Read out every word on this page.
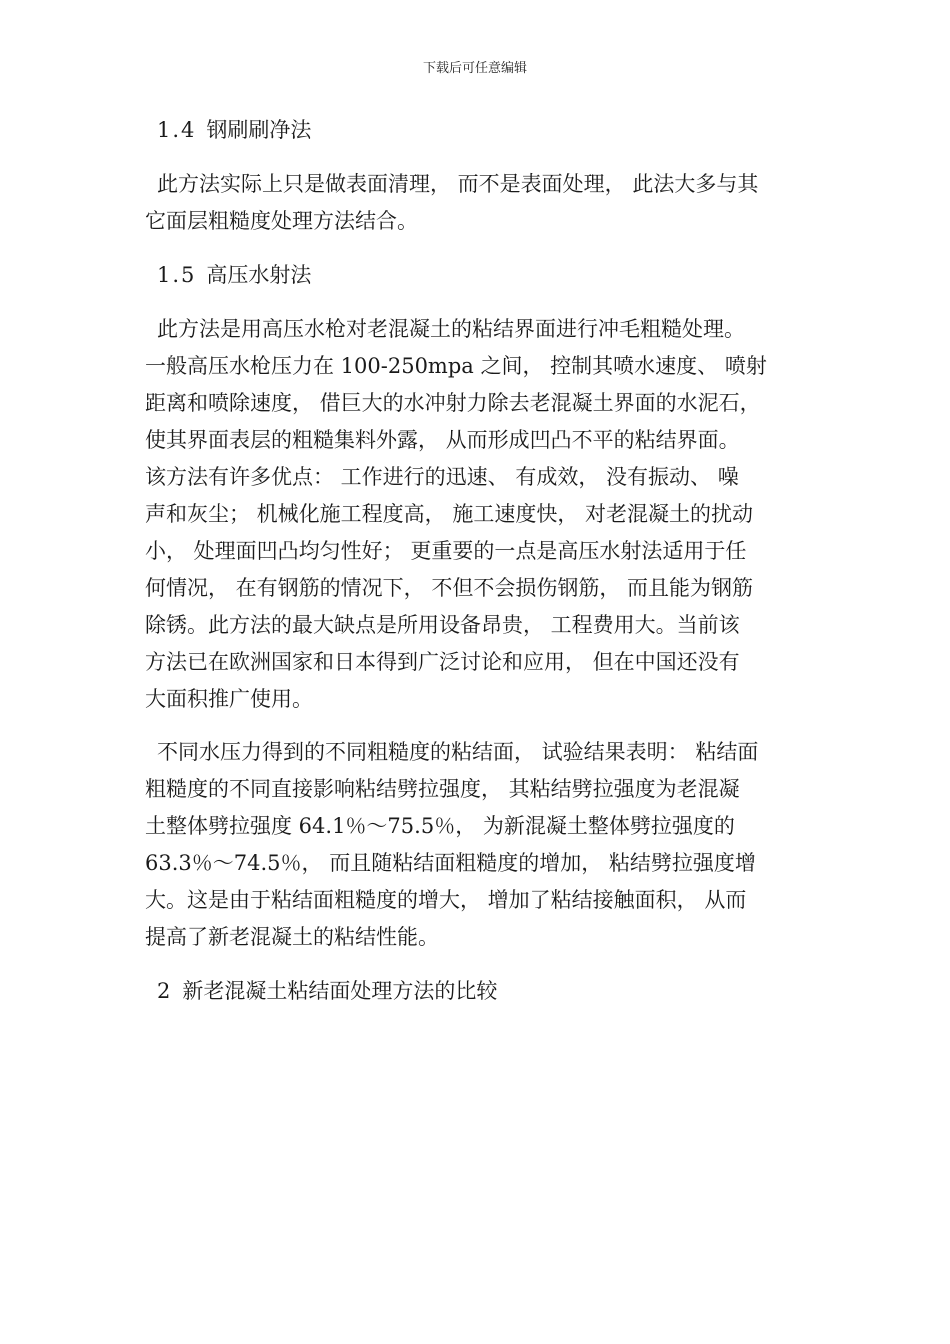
下载后可任意编辑
1.4 钢刷刷净法
此方法实际上只是做表面清理， 而不是表面处理， 此法大多与其
它面层粗糙度处理方法结合。
1.5 高压水射法
此方法是用高压水枪对老混凝土的粘结界面进行冲毛粗糙处理。
一般高压水枪压力在 100-250mpa 之间， 控制其喷水速度、 喷射
距离和喷除速度， 借巨大的水冲射力除去老混凝土界面的水泥石，
使其界面表层的粗糙集料外露， 从而形成凹凸不平的粘结界面。
该方法有许多优点： 工作进行的迅速、 有成效， 没有振动、 噪
声和灰尘； 机械化施工程度高， 施工速度快， 对老混凝土的扰动
小， 处理面凹凸均匀性好； 更重要的一点是高压水射法适用于任
何情况， 在有钢筋的情况下， 不但不会损伤钢筋， 而且能为钢筋
除锈。此方法的最大缺点是所用设备昂贵， 工程费用大。当前该
方法已在欧洲国家和日本得到广泛讨论和应用， 但在中国还没有
大面积推广使用。
不同水压力得到的不同粗糙度的粘结面， 试验结果表明： 粘结面
粗糙度的不同直接影响粘结劈拉强度， 其粘结劈拉强度为老混凝
土整体劈拉强度 64.1％～75.5％， 为新混凝土整体劈拉强度的
63.3％～74.5％， 而且随粘结面粗糙度的增加， 粘结劈拉强度增
大。这是由于粘结面粗糙度的增大， 增加了粘结接触面积， 从而
提高了新老混凝土的粘结性能。
2 新老混凝土粘结面处理方法的比较
